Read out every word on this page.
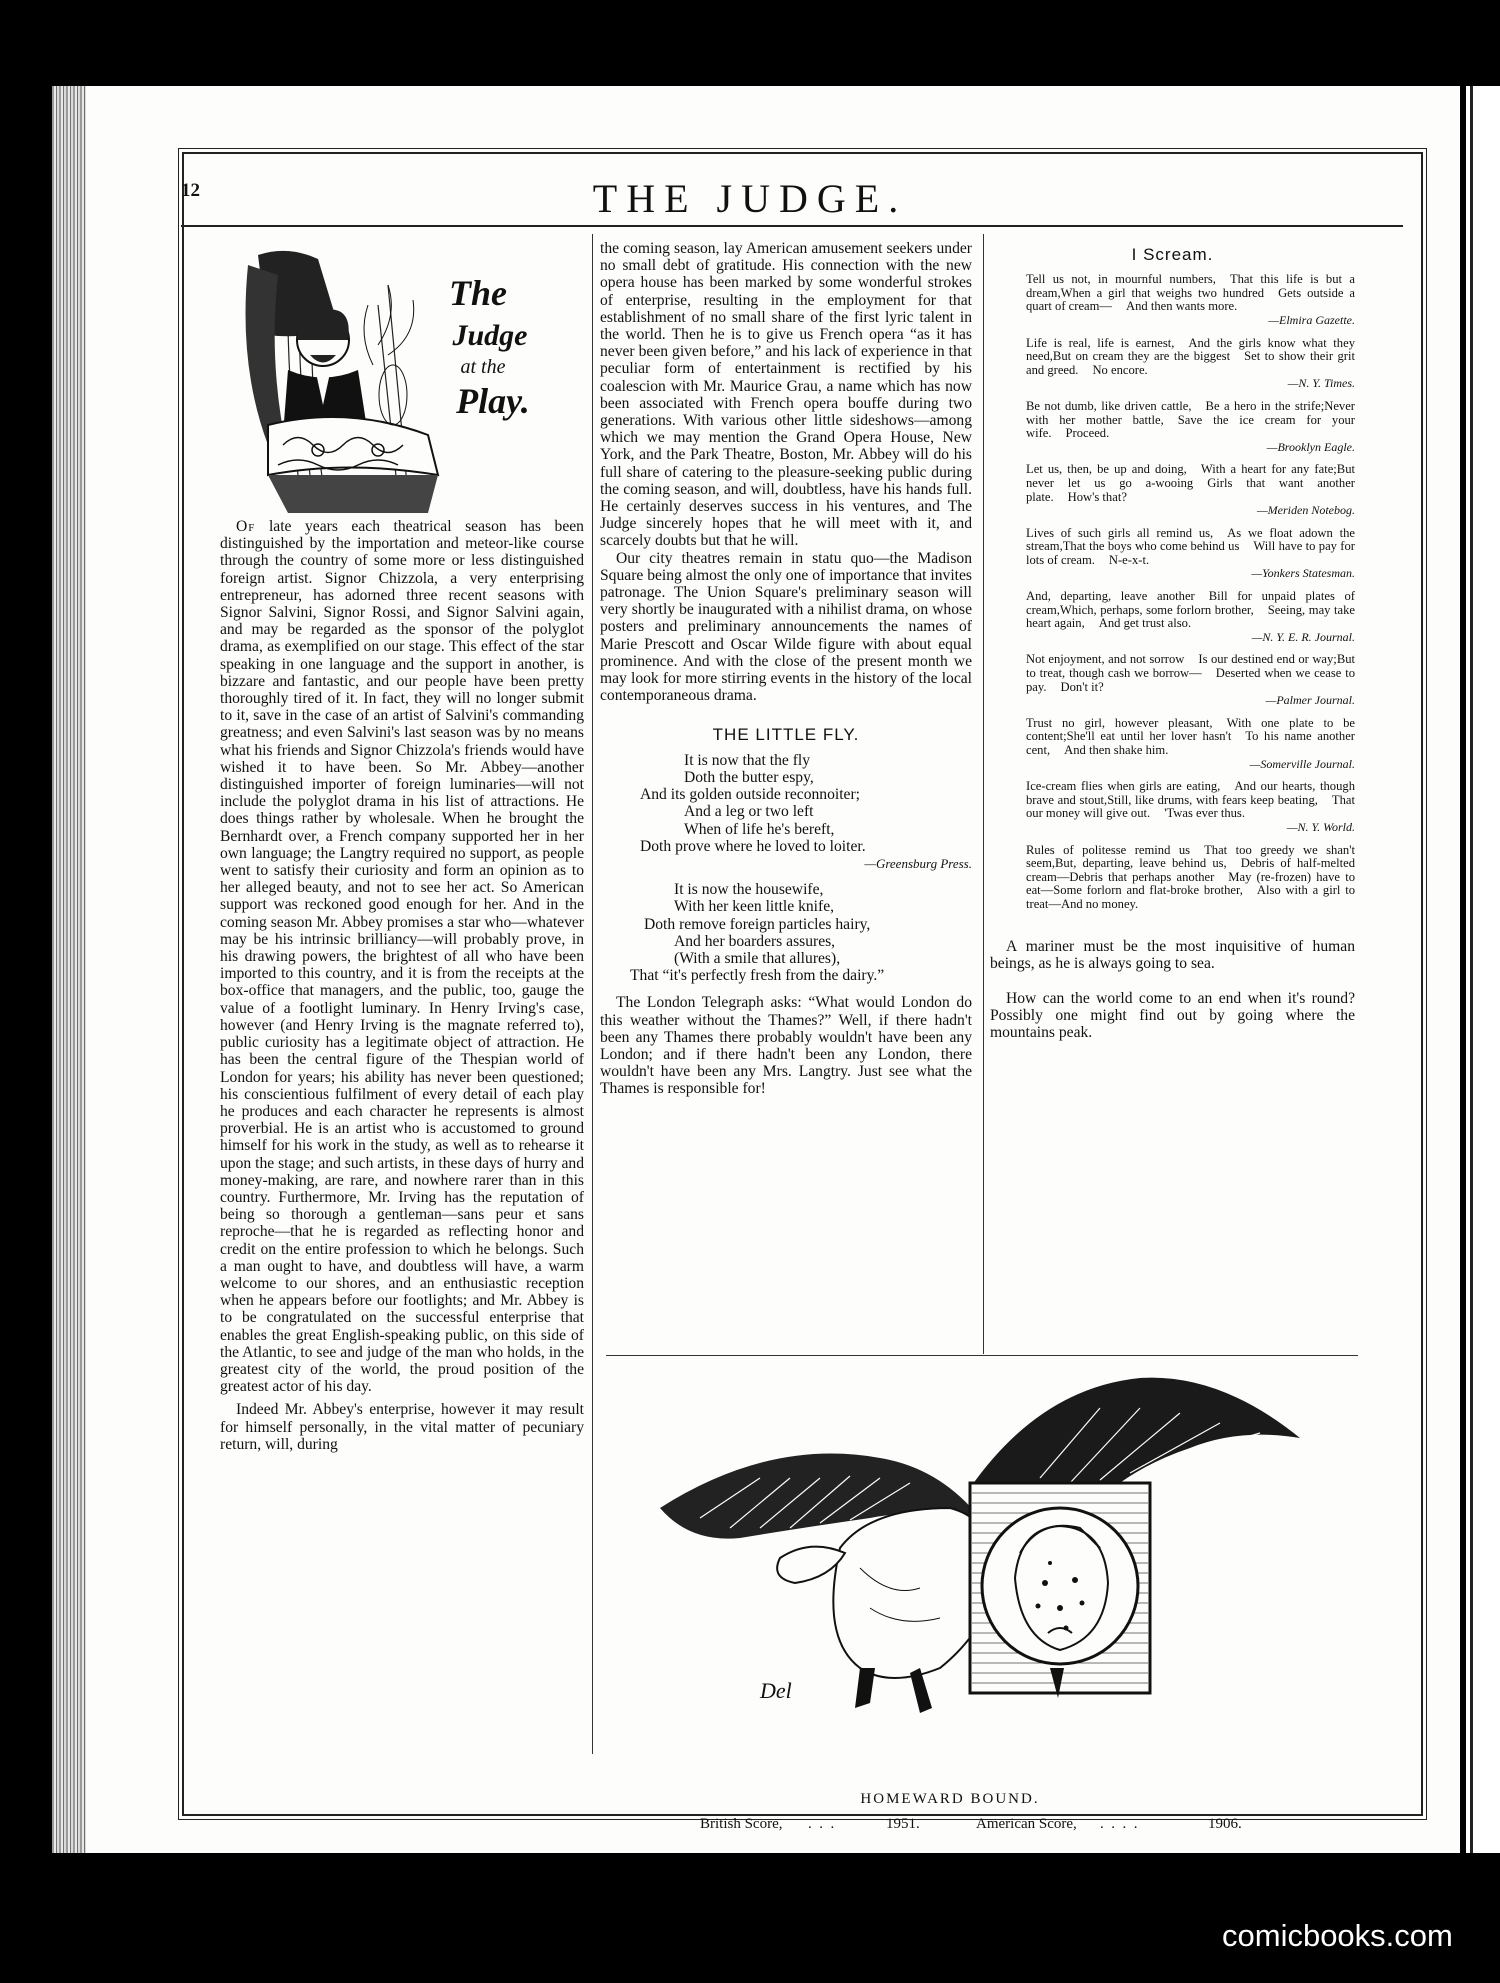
12	THE JUDGE.
The
Judge
at the
Play.

Of late years each theatrical season has been distinguished by the importation and meteor-like course through the country of some more or less distinguished foreign artist. Signor Chizzola, a very enterprising entrepreneur, has adorned three recent seasons with Signor Salvini, Signor Rossi, and Signor Salvini again, and may be regarded as the sponsor of the polyglot drama, as exemplified on our stage. This effect of the star speaking in one language and the support in another, is bizzare and fantastic, and our people have been pretty thoroughly tired of it. In fact, they will no longer submit to it, save in the case of an artist of Salvini's commanding greatness; and even Salvini's last season was by no means what his friends and Signor Chizzola's friends would have wished it to have been. So Mr. Abbey—another distinguished importer of foreign luminaries—will not include the polyglot drama in his list of attractions. He does things rather by wholesale. When he brought the Bernhardt over, a French company supported her in her own language; the Langtry required no support, as people went to satisfy their curiosity and form an opinion as to her alleged beauty, and not to see her act. So American support was reckoned good enough for her. And in the coming season Mr. Abbey promises a star who—whatever may be his intrinsic brilliancy—will probably prove, in his drawing powers, the brightest of all who have been imported to this country, and it is from the receipts at the box-office that managers, and the public, too, gauge the value of a footlight luminary. In Henry Irving's case, however (and Henry Irving is the magnate referred to), public curiosity has a legitimate object of attraction. He has been the central figure of the Thespian world of London for years; his ability has never been questioned; his conscientious fulfilment of every detail of each play he produces and each character he represents is almost proverbial. He is an artist who is accustomed to ground himself for his work in the study, as well as to rehearse it upon the stage; and such artists, in these days of hurry and money-making, are rare, and nowhere rarer than in this country. Furthermore, Mr. Irving has the reputation of being so thorough a gentleman—sans peur et sans reproche—that he is regarded as reflecting honor and credit on the entire profession to which he belongs. Such a man ought to have, and doubtless will have, a warm welcome to our shores, and an enthusiastic reception when he appears before our footlights; and Mr. Abbey is to be congratulated on the successful enterprise that enables the great English-speaking public, on this side of the Atlantic, to see and judge of the man who holds, in the greatest city of the world, the proud position of the greatest actor of his day.

Indeed Mr. Abbey's enterprise, however it may result for himself personally, in the vital matter of pecuniary return, will, during

the coming season, lay American amusement seekers under no small debt of gratitude. His connection with the new opera house has been marked by some wonderful strokes of enterprise, resulting in the employment for that establishment of no small share of the first lyric talent in the world. Then he is to give us French opera “as it has never been given before,” and his lack of experience in that peculiar form of entertainment is rectified by his coalescion with Mr. Maurice Grau, a name which has now been associated with French opera bouffe during two generations. With various other little sideshows—among which we may mention the Grand Opera House, New York, and the Park Theatre, Boston, Mr. Abbey will do his full share of catering to the pleasure-seeking public during the coming season, and will, doubtless, have his hands full. He certainly deserves success in his ventures, and The Judge sincerely hopes that he will meet with it, and scarcely doubts but that he will.

Our city theatres remain in statu quo—the Madison Square being almost the only one of importance that invites patronage. The Union Square's preliminary season will very shortly be inaugurated with a nihilist drama, on whose posters and preliminary announcements the names of Marie Prescott and Oscar Wilde figure with about equal prominence. And with the close of the present month we may look for more stirring events in the history of the local contemporaneous drama.

THE LITTLE FLY.
It is now that the fly
Doth the butter espy,
And its golden outside reconnoiter;
And a leg or two left
When of life he's bereft,
Doth prove where he loved to loiter.
—Greensburg Press.
It is now the housewife,
With her keen little knife,
Doth remove foreign particles hairy,
And her boarders assures,
(With a smile that allures),
That “it's perfectly fresh from the dairy.”

The London Telegraph asks: “What would London do this weather without the Thames?” Well, if there hadn't been any Thames there probably wouldn't have been any London; and if there hadn't been any London, there wouldn't have been any Mrs. Langtry. Just see what the Thames is responsible for!

I Scream.
Tell us not, in mournful numbers, That this life is but a dream,When a girl that weighs two hundred Gets outside a quart of cream— And then wants more.
—Elmira Gazette.
Life is real, life is earnest, And the girls know what they need,But on cream they are the biggest Set to show their grit and greed. No encore.
—N. Y. Times.
Be not dumb, like driven cattle, Be a hero in the strife;Never with her mother battle, Save the ice cream for your wife. Proceed.
—Brooklyn Eagle.
Let us, then, be up and doing, With a heart for any fate;But never let us go a-wooing Girls that want another plate. How's that?
—Meriden Notebog.
Lives of such girls all remind us, As we float adown the stream,That the boys who come behind us Will have to pay for lots of cream. N-e-x-t.
—Yonkers Statesman.
And, departing, leave another Bill for unpaid plates of cream,Which, perhaps, some forlorn brother, Seeing, may take heart again, And get trust also.
—N. Y. E. R. Journal.
Not enjoyment, and not sorrow Is our destined end or way;But to treat, though cash we borrow— Deserted when we cease to pay. Don't it?
—Palmer Journal.
Trust no girl, however pleasant, With one plate to be content;She'll eat until her lover hasn't To his name another cent, And then shake him.
—Somerville Journal.
Ice-cream flies when girls are eating, And our hearts, though brave and stout,Still, like drums, with fears keep beating, That our money will give out. 'Twas ever thus.
—N. Y. World.
Rules of politesse remind us That too greedy we shan't seem,But, departing, leave behind us, Debris of half-melted cream—Debris that perhaps another May (re-frozen) have to eat—Some forlorn and flat-broke brother, Also with a girl to treat—And no money.

A mariner must be the most inquisitive of human beings, as he is always going to sea.

How can the world come to an end when it's round? Possibly one might find out by going where the mountains peak.

Del
HOMEWARD BOUND.
British Score, .  .  .	1951.	American Score, .  .  .  .	1906.
comicbooks.com
